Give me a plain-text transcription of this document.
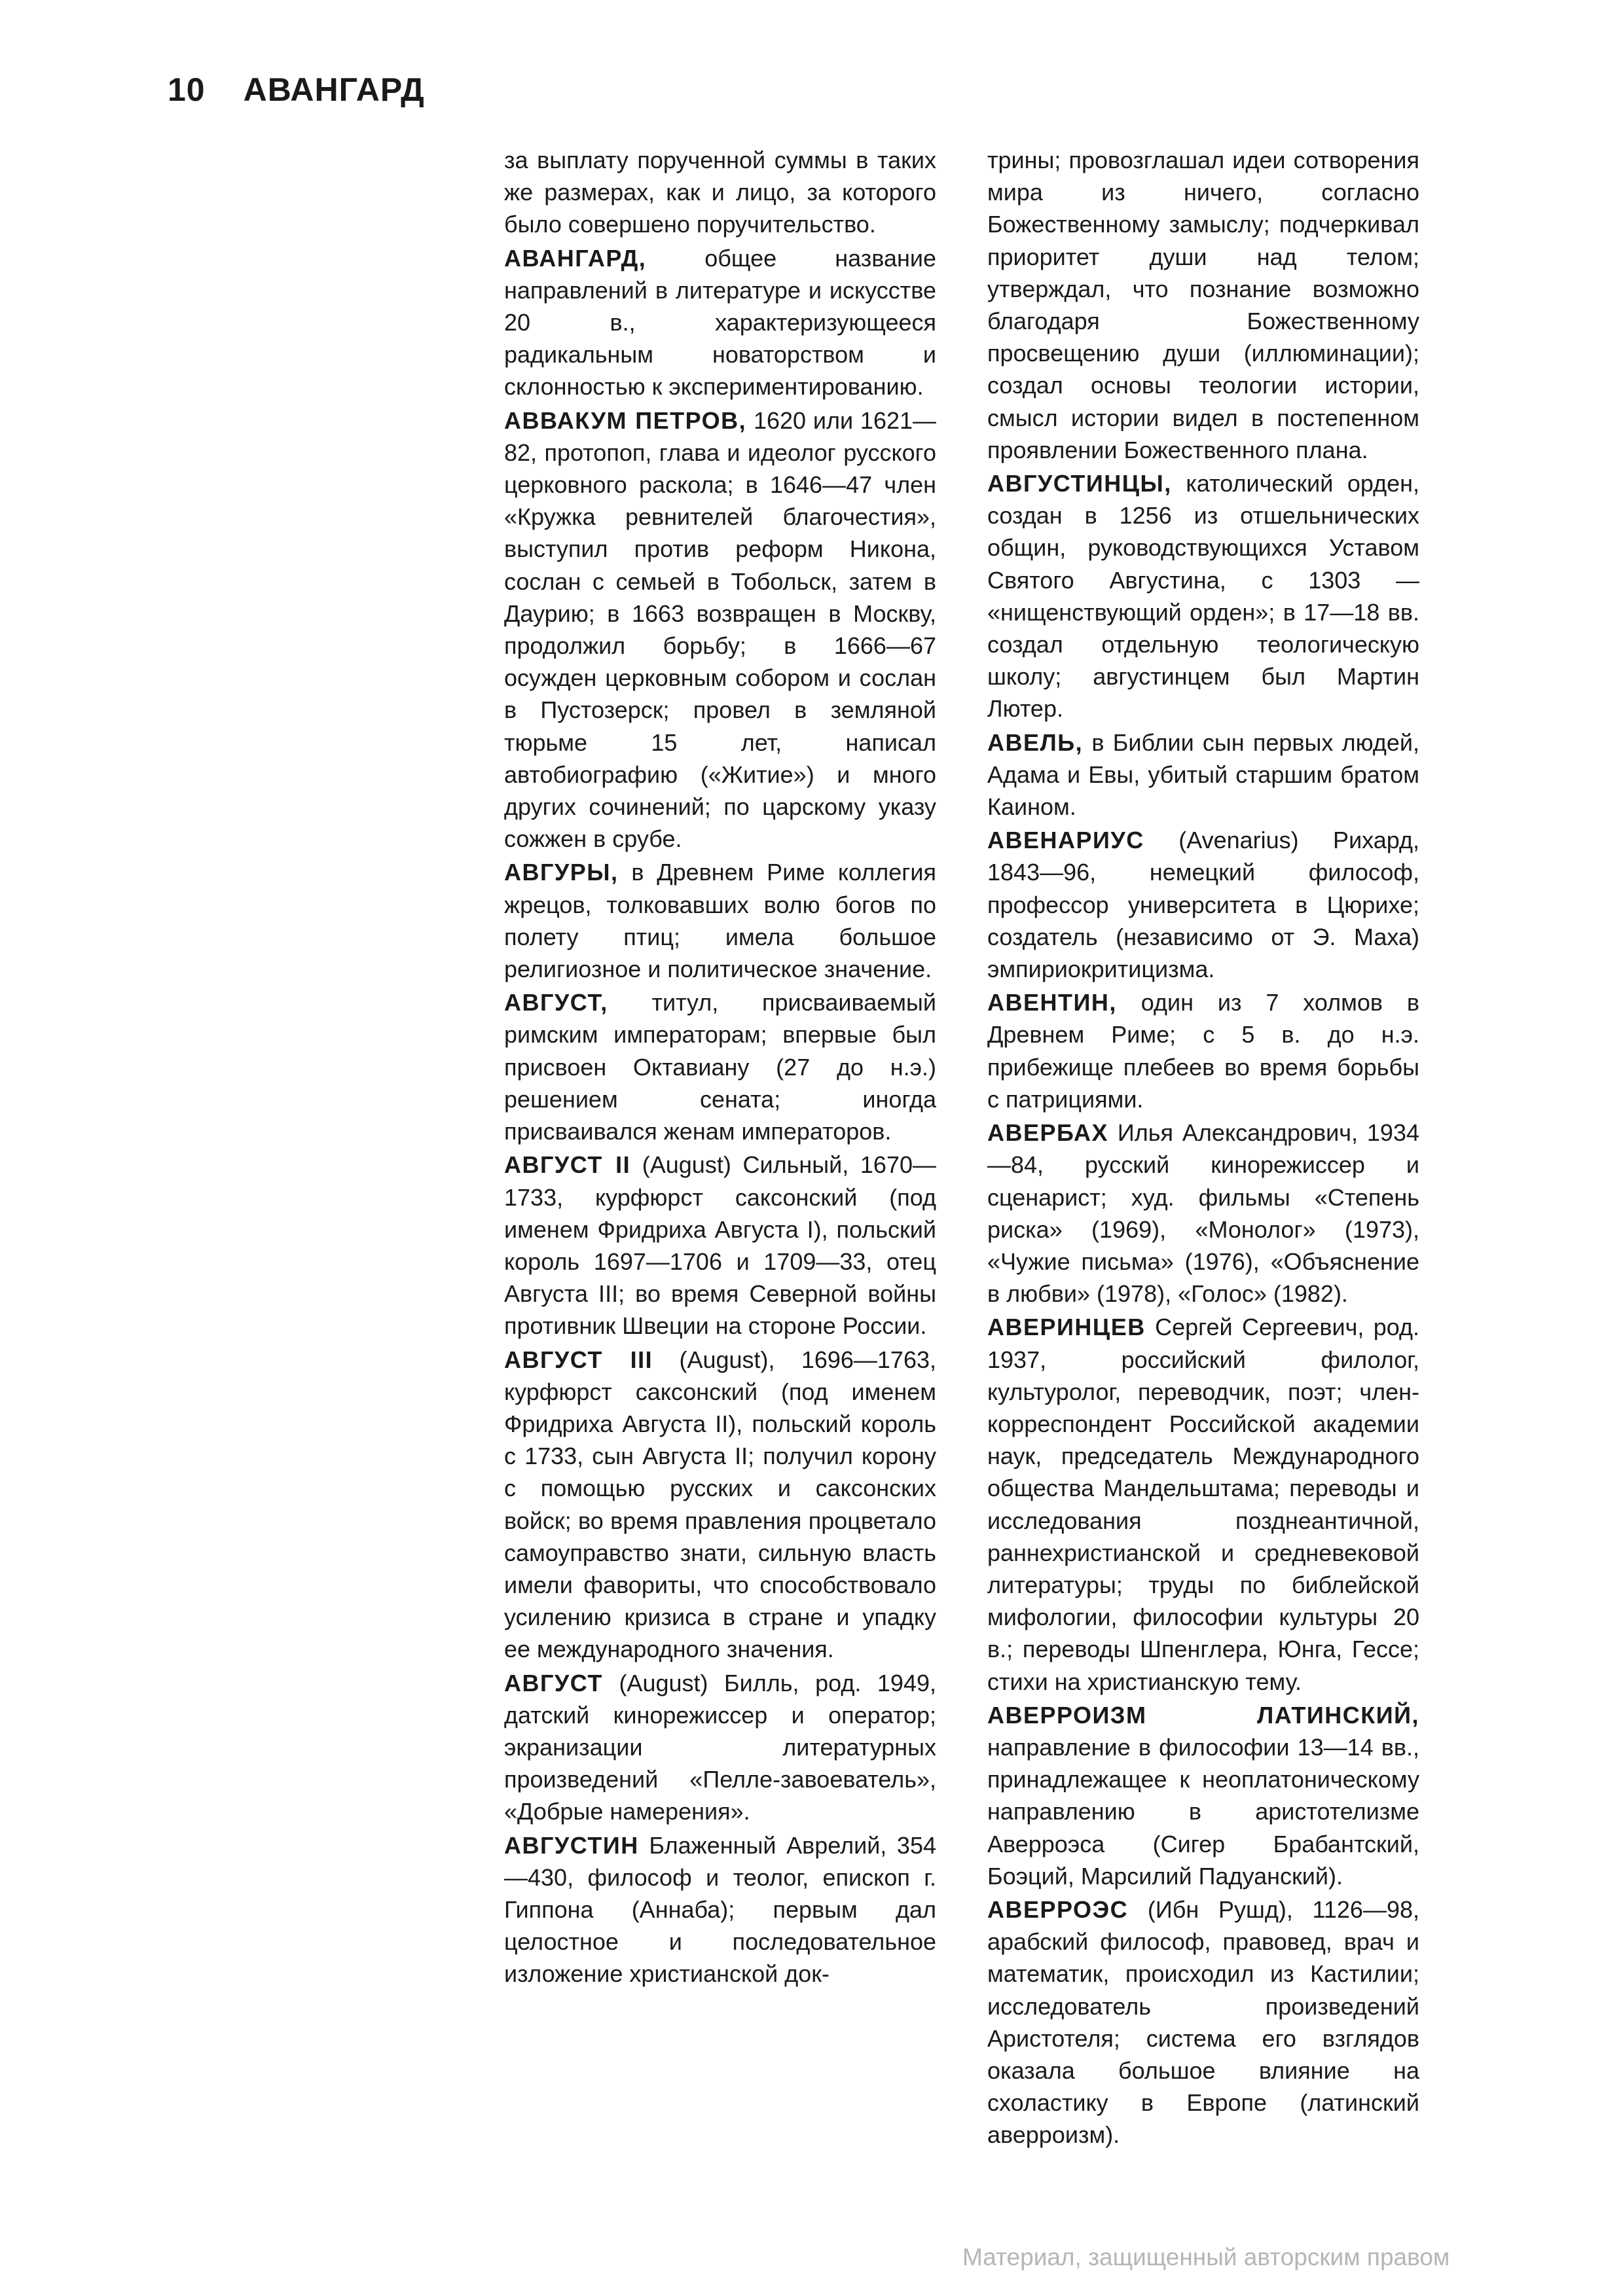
10 АВАНГАРД

за выплату порученной суммы в таких же размерах, как и лицо, за которого было совершено поручительство.

АВАНГАРД, общее название направлений в литературе и искусстве 20 в., характеризующееся радикальным новаторством и склонностью к экспериментированию.

АВВАКУМ ПЕТРОВ, 1620 или 1621—82, протопоп, глава и идеолог русского церковного раскола; в 1646—47 член «Кружка ревнителей благочестия», выступил против реформ Никона, сослан с семьей в Тобольск, затем в Даурию; в 1663 возвращен в Москву, продолжил борьбу; в 1666—67 осужден церковным собором и сослан в Пустозерск; провел в земляной тюрьме 15 лет, написал автобиографию («Житие») и много других сочинений; по царскому указу сожжен в срубе.

АВГУРЫ, в Древнем Риме коллегия жрецов, толковавших волю богов по полету птиц; имела большое религиозное и политическое значение.

АВГУСТ, титул, присваиваемый римским императорам; впервые был присвоен Октавиану (27 до н.э.) решением сената; иногда присваивался женам императоров.

АВГУСТ II (August) Сильный, 1670—1733, курфюрст саксонский (под именем Фридриха Августа I), польский король 1697—1706 и 1709—33, отец Августа III; во время Северной войны противник Швеции на стороне России.

АВГУСТ III (August), 1696—1763, курфюрст саксонский (под именем Фридриха Августа II), польский король с 1733, сын Августа II; получил корону с помощью русских и саксонских войск; во время правления процветало самоуправство знати, сильную власть имели фавориты, что способствовало усилению кризиса в стране и упадку ее международного значения.

АВГУСТ (August) Билль, род. 1949, датский кинорежиссер и оператор; экранизации литературных произведений «Пелле-завоеватель», «Добрые намерения».

АВГУСТИН Блаженный Аврелий, 354—430, философ и теолог, епископ г. Гиппона (Аннаба); первым дал целостное и последовательное изложение христианской док-

трины; провозглашал идеи сотворения мира из ничего, согласно Божественному замыслу; подчеркивал приоритет души над телом; утверждал, что познание возможно благодаря Божественному просвещению души (иллюминации); создал основы теологии истории, смысл истории видел в постепенном проявлении Божественного плана.

АВГУСТИНЦЫ, католический орден, создан в 1256 из отшельнических общин, руководствующихся Уставом Святого Августина, с 1303 — «нищенствующий орден»; в 17—18 вв. создал отдельную теологическую школу; августинцем был Мартин Лютер.

АВЕЛЬ, в Библии сын первых людей, Адама и Евы, убитый старшим братом Каином.

АВЕНАРИУС (Avenarius) Рихард, 1843—96, немецкий философ, профессор университета в Цюрихе; создатель (независимо от Э. Маха) эмпириокритицизма.

АВЕНТИН, один из 7 холмов в Древнем Риме; с 5 в. до н.э. прибежище плебеев во время борьбы с патрициями.

АВЕРБАХ Илья Александрович, 1934—84, русский кинорежиссер и сценарист; худ. фильмы «Степень риска» (1969), «Монолог» (1973), «Чужие письма» (1976), «Объяснение в любви» (1978), «Голос» (1982).

АВЕРИНЦЕВ Сергей Сергеевич, род. 1937, российский филолог, культуролог, переводчик, поэт; член-корреспондент Российской академии наук, председатель Международного общества Мандельштама; переводы и исследования позднеантичной, раннехристианской и средневековой литературы; труды по библейской мифологии, философии культуры 20 в.; переводы Шпенглера, Юнга, Гессе; стихи на христианскую тему.

АВЕРРОИЗМ ЛАТИНСКИЙ, направление в философии 13—14 вв., принадлежащее к неоплатоническому направлению в аристотелизме Аверроэса (Сигер Брабантский, Боэций, Марсилий Падуанский).

АВЕРРОЭС (Ибн Рушд), 1126—98, арабский философ, правовед, врач и математик, происходил из Кастилии; исследователь произведений Аристотеля; система его взглядов оказала большое влияние на схоластику в Европе (латинский аверроизм).

Материал, защищенный авторским правом
